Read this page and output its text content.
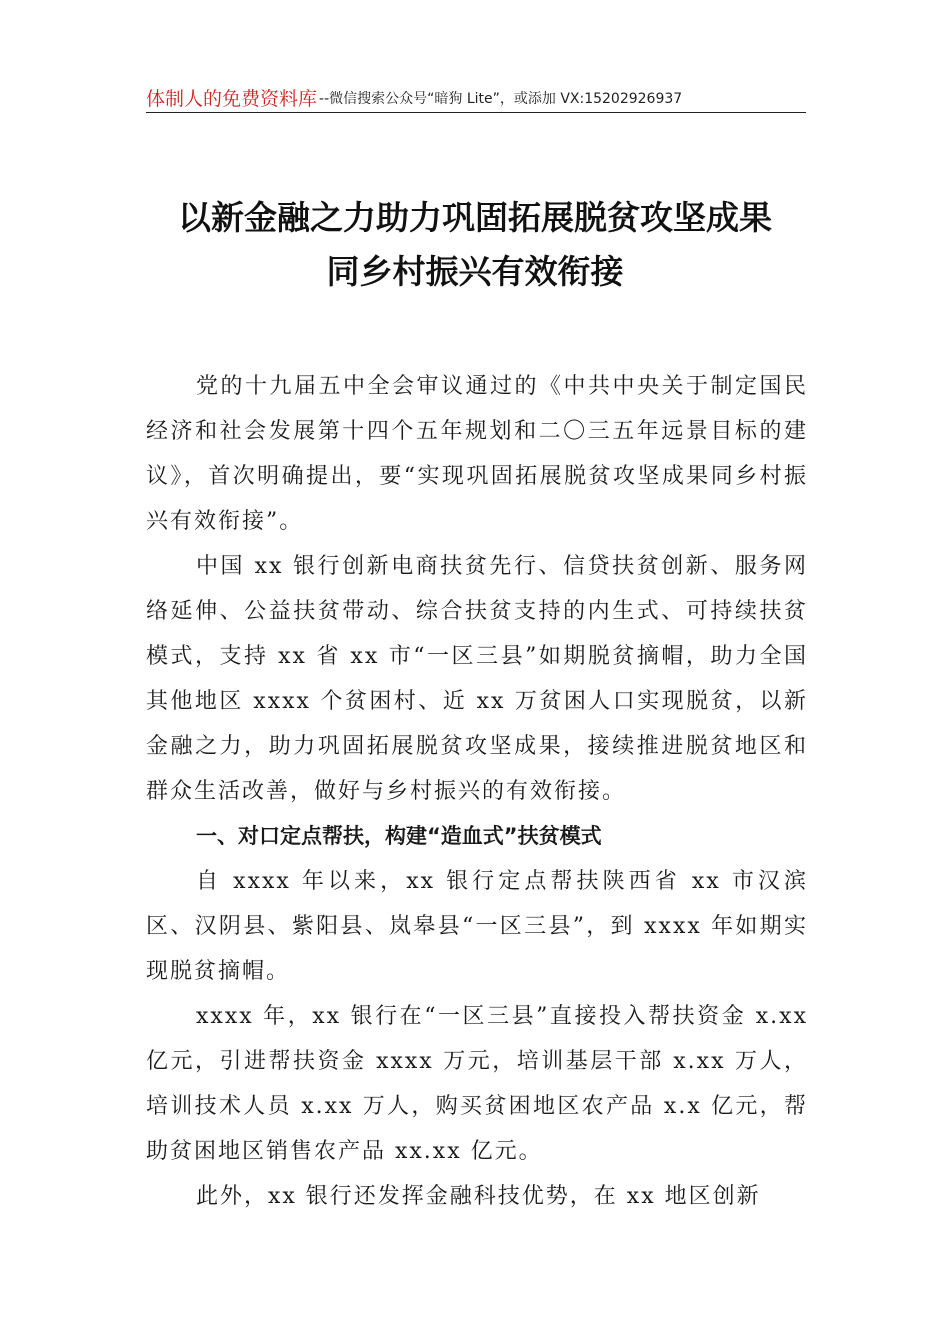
体制人的免费资料库 --微信搜索公众号“暗狗 Lite”，或添加 VX:15202926937
以新金融之力助力巩固拓展脱贫攻坚成果
同乡村振兴有效衔接

党的十九届五中全会审议通过的《中共中央关于制定国民经济和社会发展第十四个五年规划和二〇三五年远景目标的建议》，首次明确提出，要“实现巩固拓展脱贫攻坚成果同乡村振兴有效衔接”。

中国 xx 银行创新电商扶贫先行、信贷扶贫创新、服务网络延伸、公益扶贫带动、综合扶贫支持的内生式、可持续扶贫模式，支持 xx 省 xx 市“一区三县”如期脱贫摘帽，助力全国其他地区 xxxx 个贫困村、近 xx 万贫困人口实现脱贫，以新金融之力，助力巩固拓展脱贫攻坚成果，接续推进脱贫地区和群众生活改善，做好与乡村振兴的有效衔接。

一、对口定点帮扶，构建“造血式”扶贫模式

自 xxxx 年以来，xx 银行定点帮扶陕西省 xx 市汉滨区、汉阴县、紫阳县、岚皋县“一区三县”，到 xxxx 年如期实现脱贫摘帽。

xxxx 年，xx 银行在“一区三县”直接投入帮扶资金 x.xx 亿元，引进帮扶资金 xxxx 万元，培训基层干部 x.xx 万人，培训技术人员 x.xx 万人，购买贫困地区农产品 x.x 亿元，帮助贫困地区销售农产品 xx.xx 亿元。

此外，xx 银行还发挥金融科技优势，在 xx 地区创新
